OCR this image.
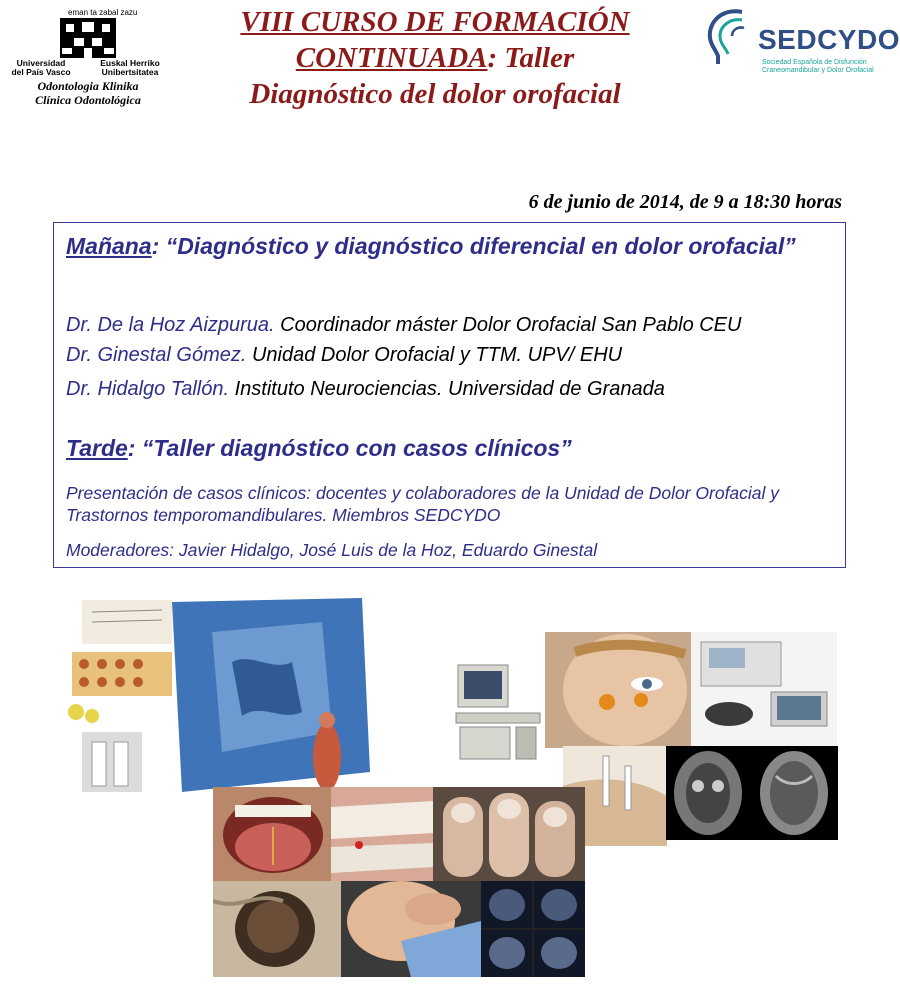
eman ta zabal zazu
Universidad
del País Vasco
Euskal Herriko
Unibertsitatea
Odontologia Klinika
Clínica Odontológica
VIII CURSO DE FORMACIÓN
CONTINUADA: Taller
Diagnóstico del dolor orofacial
SEDCYDO
Sociedad Española de Disfunción Craneomandibular y Dolor Orofacial
6 de junio de 2014, de 9 a 18:30 horas
Mañana: “Diagnóstico y diagnóstico diferencial en dolor orofacial”
Dr. De la Hoz Aizpurua. Coordinador máster Dolor Orofacial San Pablo CEU
Dr. Ginestal Gómez. Unidad Dolor Orofacial y TTM. UPV/ EHU
Dr. Hidalgo Tallón. Instituto Neurociencias. Universidad de Granada
Tarde: “Taller diagnóstico con casos clínicos”
Presentación de casos clínicos: docentes y colaboradores de la Unidad de Dolor Orofacial y Trastornos temporomandibulares. Miembros SEDCYDO
Moderadores: Javier Hidalgo, José Luis de la Hoz, Eduardo Ginestal
